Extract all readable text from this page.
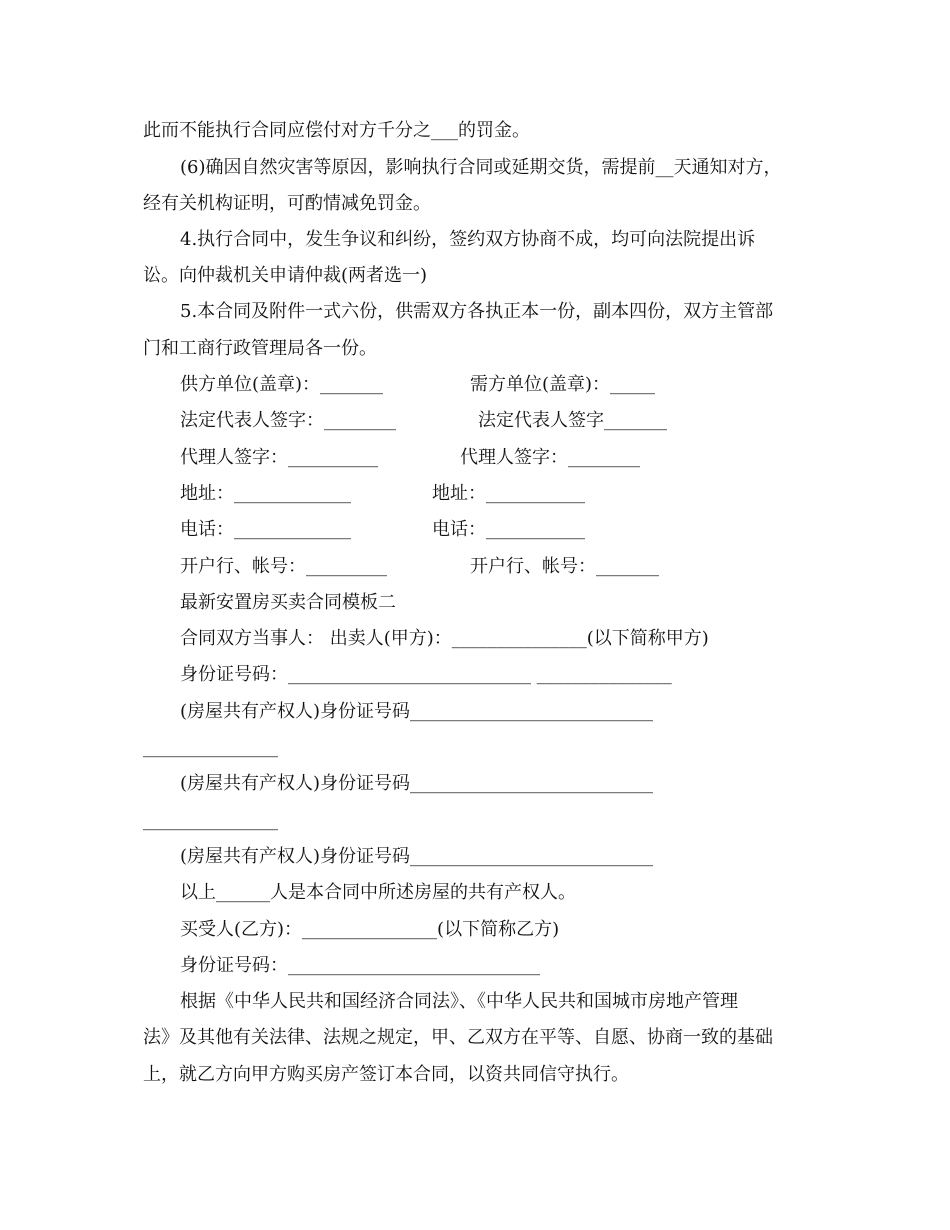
此而不能执行合同应偿付对方千分之___的罚金。
(6)确因自然灾害等原因，影响执行合同或延期交货，需提前__天通知对方，
经有关机构证明，可酌情减免罚金。
4.执行合同中，发生争议和纠纷，签约双方协商不成，均可向法院提出诉
讼。向仲裁机关申请仲裁(两者选一)
5.本合同及附件一式六份，供需双方各执正本一份，副本四份，双方主管部
门和工商行政管理局各一份。
供方单位(盖章)：_______	需方单位(盖章)：_____
法定代表人签字：________	法定代表人签字_______
代理人签字：__________	代理人签字：________
地址：_____________	地址：___________
电话：_____________	电话：___________
开户行、帐号：_________	开户行、帐号：_______
最新安置房买卖合同模板二
合同双方当事人： 出卖人(甲方)：_______________(以下简称甲方)
身份证号码：___________________________ _______________
(房屋共有产权人)身份证号码___________________________
_______________
(房屋共有产权人)身份证号码___________________________
_______________
(房屋共有产权人)身份证号码___________________________
以上______人是本合同中所述房屋的共有产权人。
买受人(乙方)：_______________(以下简称乙方)
身份证号码：____________________________
根据《中华人民共和国经济合同法》、《中华人民共和国城市房地产管理
法》及其他有关法律、法规之规定，甲、乙双方在平等、自愿、协商一致的基础
上，就乙方向甲方购买房产签订本合同，以资共同信守执行。
